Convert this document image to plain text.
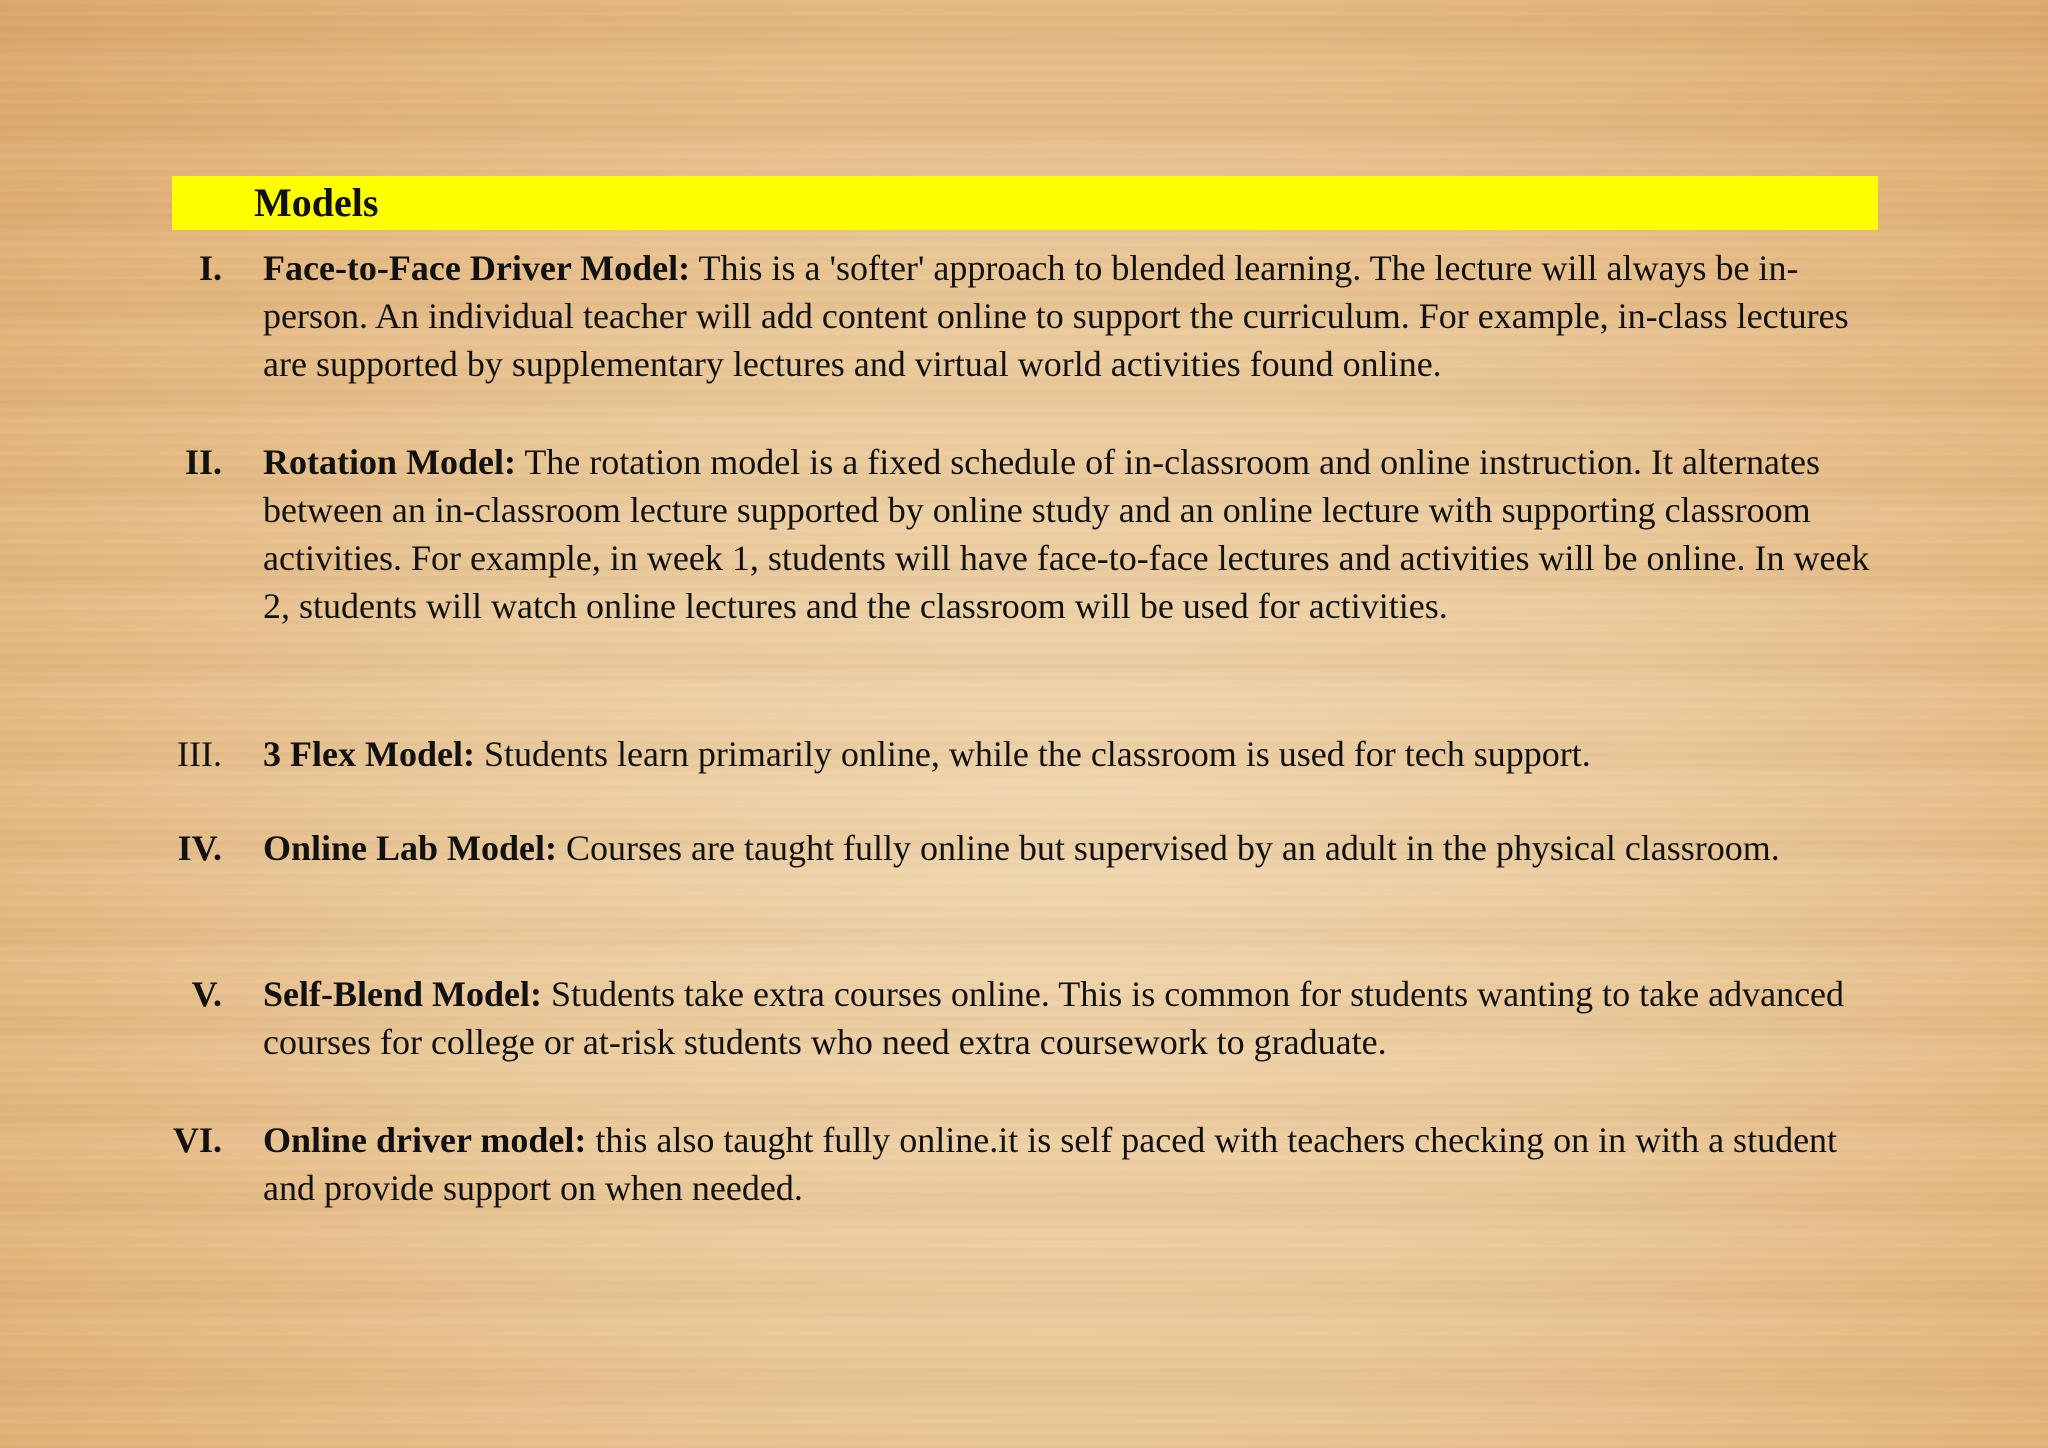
Models
I. Face-to-Face Driver Model: This is a 'softer' approach to blended learning. The lecture will always be in-person. An individual teacher will add content online to support the curriculum. For example, in-class lectures are supported by supplementary lectures and virtual world activities found online.
II. Rotation Model: The rotation model is a fixed schedule of in-classroom and online instruction. It alternates between an in-classroom lecture supported by online study and an online lecture with supporting classroom activities. For example, in week 1, students will have face-to-face lectures and activities will be online. In week 2, students will watch online lectures and the classroom will be used for activities.
III. 3 Flex Model: Students learn primarily online, while the classroom is used for tech support.
IV. Online Lab Model: Courses are taught fully online but supervised by an adult in the physical classroom.
V. Self-Blend Model: Students take extra courses online. This is common for students wanting to take advanced courses for college or at-risk students who need extra coursework to graduate.
VI. Online driver model: this also taught fully online.it is self paced with teachers checking on in with a student and provide support on when needed.
